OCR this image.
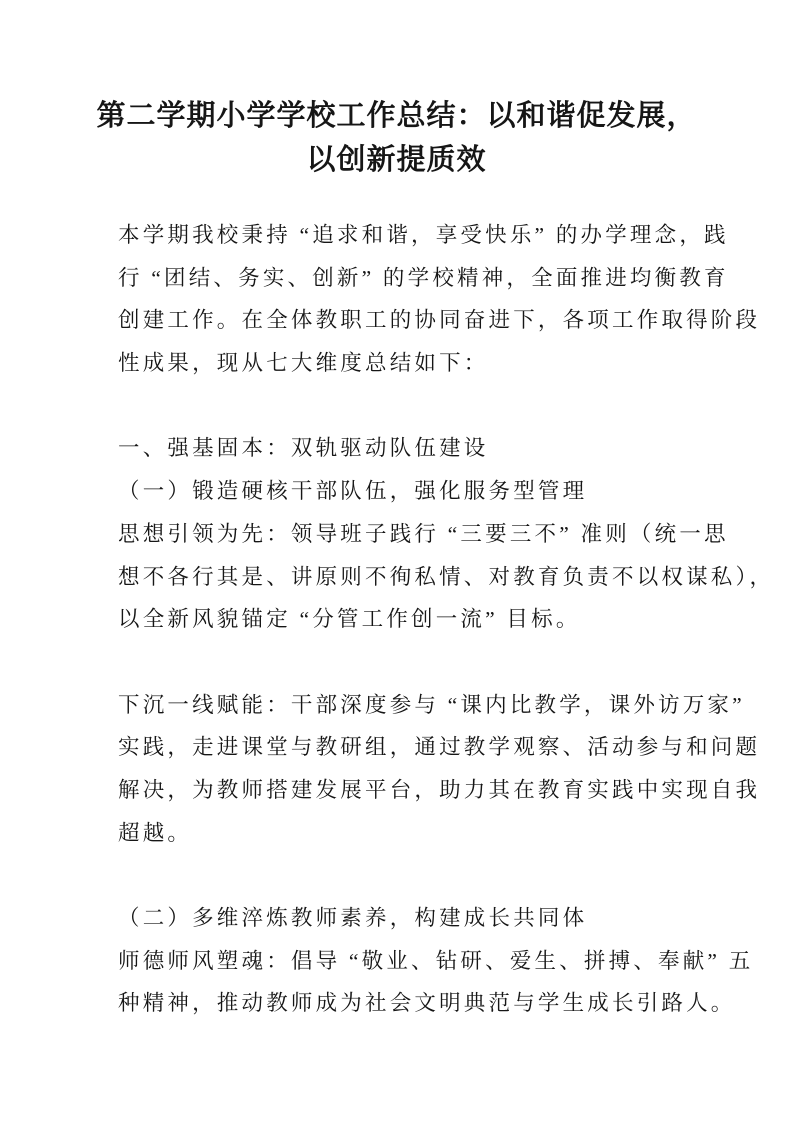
第二学期小学学校工作总结：以和谐促发展，
以创新提质效
本学期我校秉持 “追求和谐，享受快乐” 的办学理念，践
行 “团结、务实、创新” 的学校精神，全面推进均衡教育
创建工作。在全体教职工的协同奋进下，各项工作取得阶段
性成果，现从七大维度总结如下：
一、强基固本：双轨驱动队伍建设
（一）锻造硬核干部队伍，强化服务型管理
思想引领为先：领导班子践行 “三要三不” 准则（统一思
想不各行其是、讲原则不徇私情、对教育负责不以权谋私），
以全新风貌锚定 “分管工作创一流” 目标。
下沉一线赋能：干部深度参与 “课内比教学，课外访万家”
实践，走进课堂与教研组，通过教学观察、活动参与和问题
解决，为教师搭建发展平台，助力其在教育实践中实现自我
超越。
（二）多维淬炼教师素养，构建成长共同体
师德师风塑魂：倡导 “敬业、钻研、爱生、拼搏、奉献” 五
种精神，推动教师成为社会文明典范与学生成长引路人。
